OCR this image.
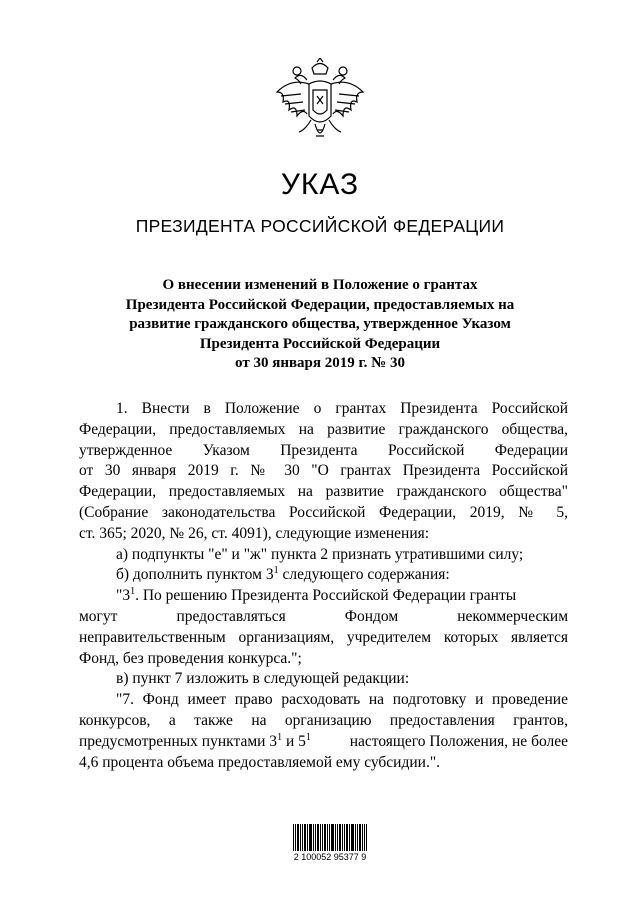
УКАЗ
ПРЕЗИДЕНТА РОССИЙСКОЙ ФЕДЕРАЦИИ
О внесении изменений в Положение о грантах
Президента Российской Федерации, предоставляемых на
развитие гражданского общества, утвержденное Указом
Президента Российской Федерации
от 30 января 2019 г. № 30
1. Внести в Положение о грантах Президента Российской
Федерации, предоставляемых на развитие гражданского общества,
утвержденное Указом Президента Российской Федерации
от 30 января 2019 г. № 30 "О грантах Президента Российской
Федерации, предоставляемых на развитие гражданского общества"
(Собрание законодательства Российской Федерации, 2019, № 5,
ст. 365; 2020, № 26, ст. 4091), следующие изменения:
а) подпункты "е" и "ж" пункта 2 признать утратившими силу;
б) дополнить пунктом $3^1$ следующего содержания:
"$3^1$. По решению Президента Российской Федерации гранты
могут предоставляться Фондом некоммерческим
неправительственным организациям, учредителем которых является
Фонд, без проведения конкурса.";
в) пункт 7 изложить в следующей редакции:
"7. Фонд имеет право расходовать на подготовку и проведение
конкурсов, а также на организацию предоставления грантов,
предусмотренных пунктами $3^1$ и $5^1$	настоящего Положения, не более
4,6 процента объема предоставляемой ему субсидии.".
2 100052 95377 9
